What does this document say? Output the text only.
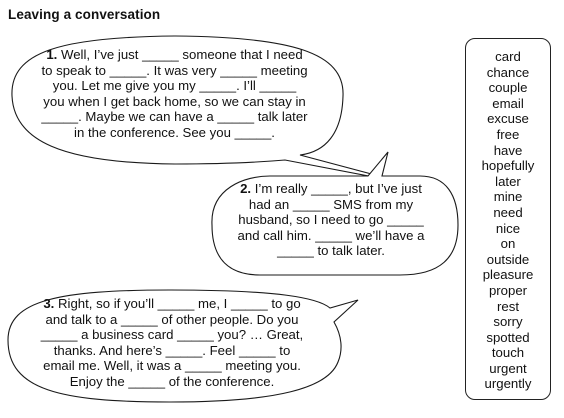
Leaving a conversation
1. Well, I’ve just _____ someone that I need
to speak to _____. It was very _____ meeting
you. Let me give you my _____. I’ll _____
you when I get back home, so we can stay in
_____. Maybe we can have a _____ talk later
in the conference. See you _____.
2. I’m really _____, but I’ve just
had an _____ SMS from my
husband, so I need to go _____
and call him. _____ we’ll have a
_____ to talk later.
3. Right, so if you’ll _____ me, I _____ to go
and talk to a _____ of other people. Do you
_____ a business card _____ you? … Great,
thanks. And here’s _____. Feel _____ to
email me. Well, it was a _____ meeting you.
Enjoy the _____ of the conference.
card
chance
couple
email
excuse
free
have
hopefully
later
mine
need
nice
on
outside
pleasure
proper
rest
sorry
spotted
touch
urgent
urgently
